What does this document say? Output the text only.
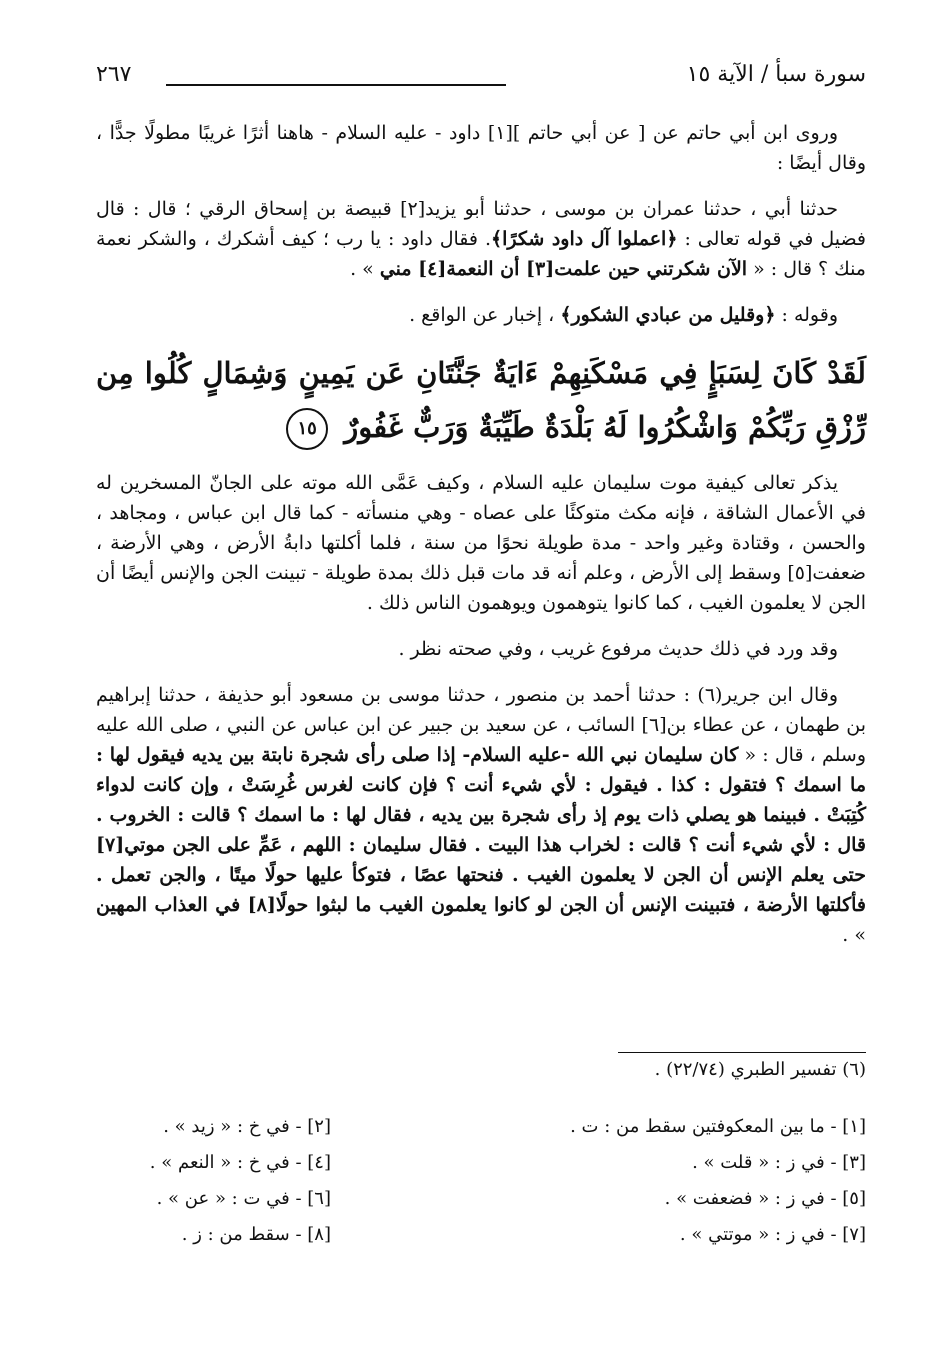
سورة سبأ / الآية ١٥
٢٦٧

وروى ابن أبي حاتم عن [ عن أبي حاتم ][١] داود - عليه السلام - هاهنا أثرًا غريبًا مطولًا جدًّا ، وقال أيضًا :

حدثنا أبي ، حدثنا عمران بن موسى ، حدثنا أبو يزيد[٢] قبيصة بن إسحاق الرقي ؛ قال : قال فضيل في قوله تعالى : ﴿اعملوا آل داود شكرًا﴾. فقال داود : يا رب ؛ كيف أشكرك ، والشكر نعمة منك ؟ قال : « الآن شكرتني حين علمت[٣] أن النعمة[٤] مني » .

وقوله : ﴿وقليل من عبادي الشكور﴾ ، إخبار عن الواقع .

لَقَدْ كَانَ لِسَبَإٍ فِي مَسْكَنِهِمْ ءَايَةٌ جَنَّتَانِ عَن يَمِينٍ وَشِمَالٍ كُلُوا مِن رِّزْقِ رَبِّكُمْ وَاشْكُرُوا لَهُ بَلْدَةٌ طَيِّبَةٌ وَرَبٌّ غَفُورٌ ١٥

يذكر تعالى كيفية موت سليمان عليه السلام ، وكيف عَمَّى الله موته على الجانّ المسخرين له في الأعمال الشاقة ، فإنه مكث متوكئًا على عصاه - وهي منسأته - كما قال ابن عباس ، ومجاهد ، والحسن ، وقتادة وغير واحد - مدة طويلة نحوًا من سنة ، فلما أكلتها دابةُ الأرض ، وهي الأرضة ، ضعفت[٥] وسقط إلى الأرض ، وعلم أنه قد مات قبل ذلك بمدة طويلة - تبينت الجن والإنس أيضًا أن الجن لا يعلمون الغيب ، كما كانوا يتوهمون ويوهمون الناس ذلك .

وقد ورد في ذلك حديث مرفوع غريب ، وفي صحته نظر .

وقال ابن جرير(٦) : حدثنا أحمد بن منصور ، حدثنا موسى بن مسعود أبو حذيفة ، حدثنا إبراهيم بن طهمان ، عن عطاء بن[٦] السائب ، عن سعيد بن جبير عن ابن عباس عن النبي ، صلى الله عليه وسلم ، قال : « كان سليمان نبي الله -عليه السلام- إذا صلى رأى شجرة نابتة بين يديه فيقول لها : ما اسمك ؟ فتقول : كذا . فيقول : لأي شيء أنت ؟ فإن كانت لغرس غُرِسَتْ ، وإن كانت لدواء كُتِبَتْ . فبينما هو يصلي ذات يوم إذ رأى شجرة بين يديه ، فقال لها : ما اسمك ؟ قالت : الخروب . قال : لأي شيء أنت ؟ قالت : لخراب هذا البيت . فقال سليمان : اللهم ، عَمِّ على الجن موتي[٧] حتى يعلم الإنس أن الجن لا يعلمون الغيب . فنحتها عصًا ، فتوكأ عليها حولًا ميتًا ، والجن تعمل . فأكلتها الأرضة ، فتبينت الإنس أن الجن لو كانوا يعلمون الغيب ما لبثوا حولًا[٨] في العذاب المهين » .

(٦) تفسير الطبري (٢٢/٧٤) .
[١] - ما بين المعكوفتين سقط من : ت .	[٢] - في خ : « زيد » .
[٣] - في ز : « قلت » .	[٤] - في خ : « النعم » .
[٥] - في ز : « فضعفت » .	[٦] - في ت : « عن » .
[٧] - في ز : « موتتي » .	[٨] - سقط من : ز .
